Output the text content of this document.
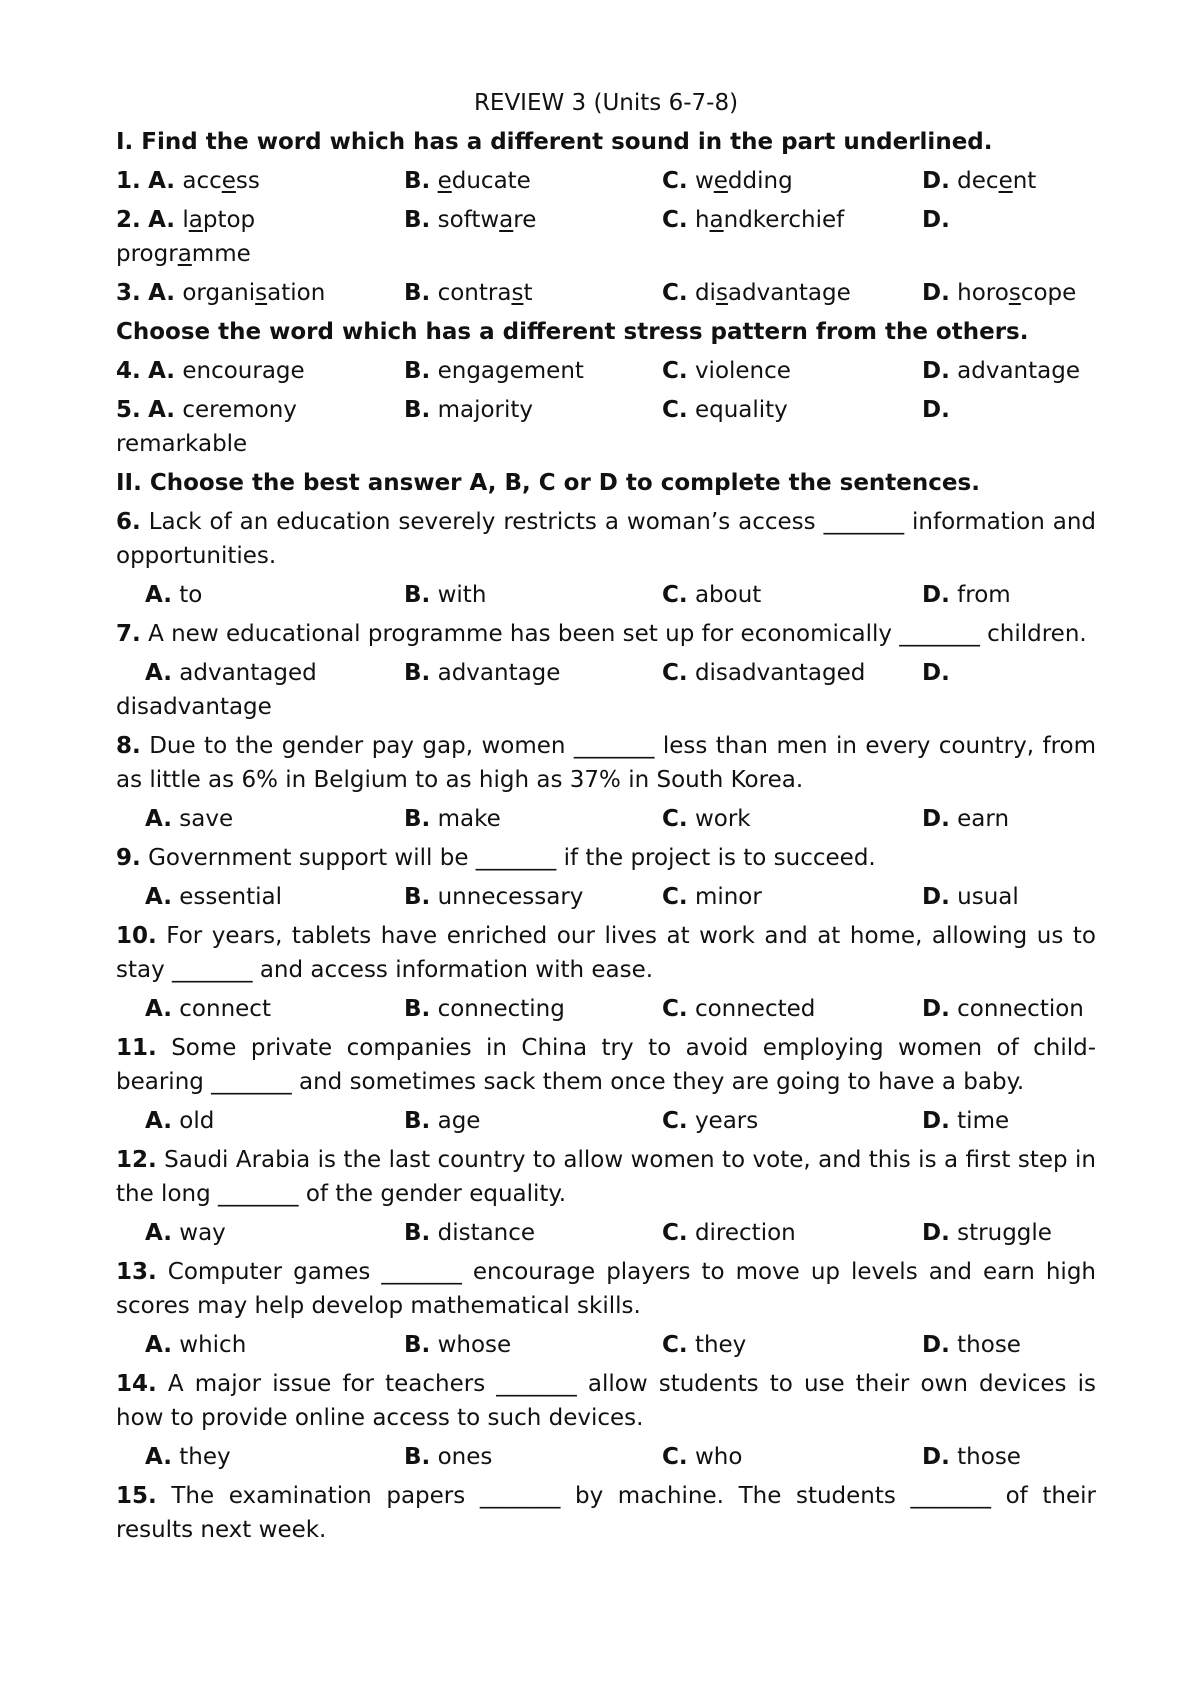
REVIEW 3 (Units 6-7-8)
I. Find the word which has a different sound in the part underlined.
1. A. access	B. educate	C. wedding	D. decent
2. A. laptop	B. software	C. handkerchief	D.
programme
3. A. organisation	B. contrast	C. disadvantage	D. horoscope
Choose the word which has a different stress pattern from the others.
4. A. encourage	B. engagement	C. violence	D. advantage
5. A. ceremony	B. majority	C. equality	D.
remarkable
II. Choose the best answer A, B, C or D to complete the sentences.
6. Lack of an education severely restricts a woman’s access _______ information and opportunities.
A. to	B. with	C. about	D. from
7. A new educational programme has been set up for economically _______ children.
A. advantaged	B. advantage	C. disadvantaged	D.
disadvantage
8. Due to the gender pay gap, women _______ less than men in every country, from as little as 6% in Belgium to as high as 37% in South Korea.
A. save	B. make	C. work	D. earn
9. Government support will be _______ if the project is to succeed.
A. essential	B. unnecessary	C. minor	D. usual
10. For years, tablets have enriched our lives at work and at home, allowing us to stay _______ and access information with ease.
A. connect	B. connecting	C. connected	D. connection
11. Some private companies in China try to avoid employing women of child-bearing _______ and sometimes sack them once they are going to have a baby.
A. old	B. age	C. years	D. time
12. Saudi Arabia is the last country to allow women to vote, and this is a first step in the long _______ of the gender equality.
A. way	B. distance	C. direction	D. struggle
13. Computer games _______ encourage players to move up levels and earn high scores may help develop mathematical skills.
A. which	B. whose	C. they	D. those
14. A major issue for teachers _______ allow students to use their own devices is how to provide online access to such devices.
A. they	B. ones	C. who	D. those
15. The examination papers _______ by machine. The students _______ of their results next week.
